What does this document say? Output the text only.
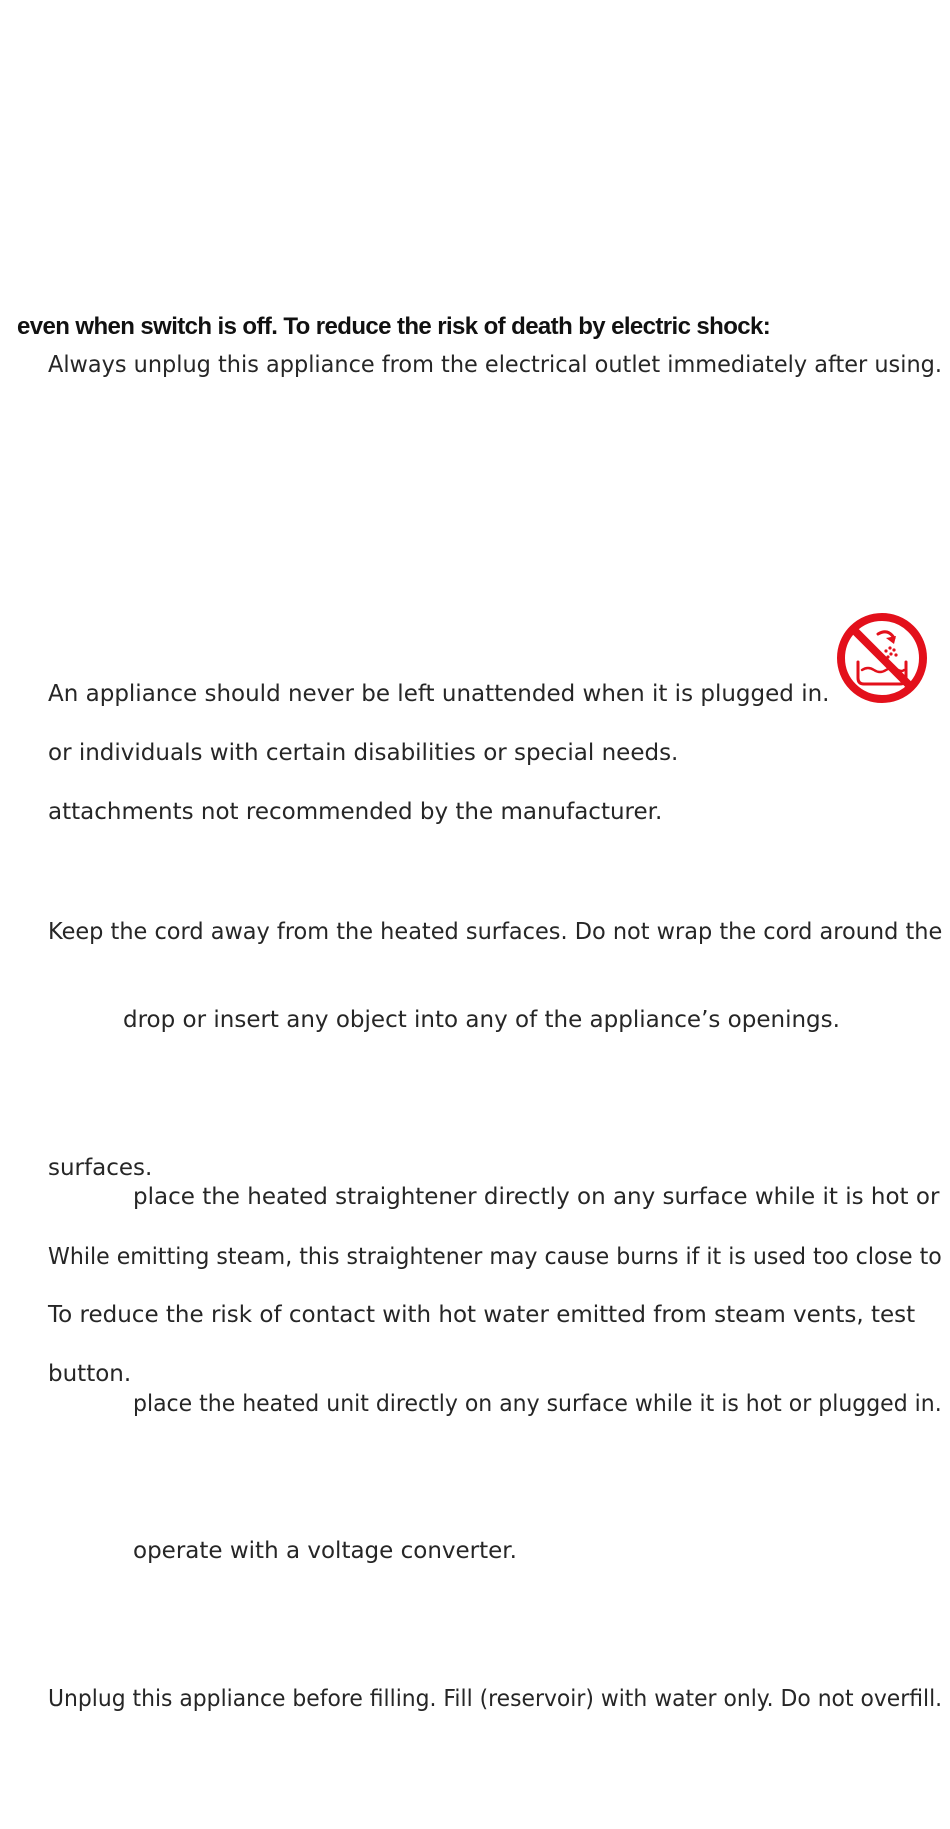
even when switch is off. To reduce the risk of death by electric shock:
Always unplug this appliance from the electrical outlet immediately after using.
An appliance should never be left unattended when it is plugged in.
or individuals with certain disabilities or special needs.
attachments not recommended by the manufacturer.
Keep the cord away from the heated surfaces. Do not wrap the cord around the
drop or insert any object into any of the appliance’s openings.
surfaces.
place the heated straightener directly on any surface while it is hot or
While emitting steam, this straightener may cause burns if it is used too close to
To reduce the risk of contact with hot water emitted from steam vents, test
button.
place the heated unit directly on any surface while it is hot or plugged in.
operate with a voltage converter.
Unplug this appliance before filling. Fill (reservoir) with water only. Do not overfill.
